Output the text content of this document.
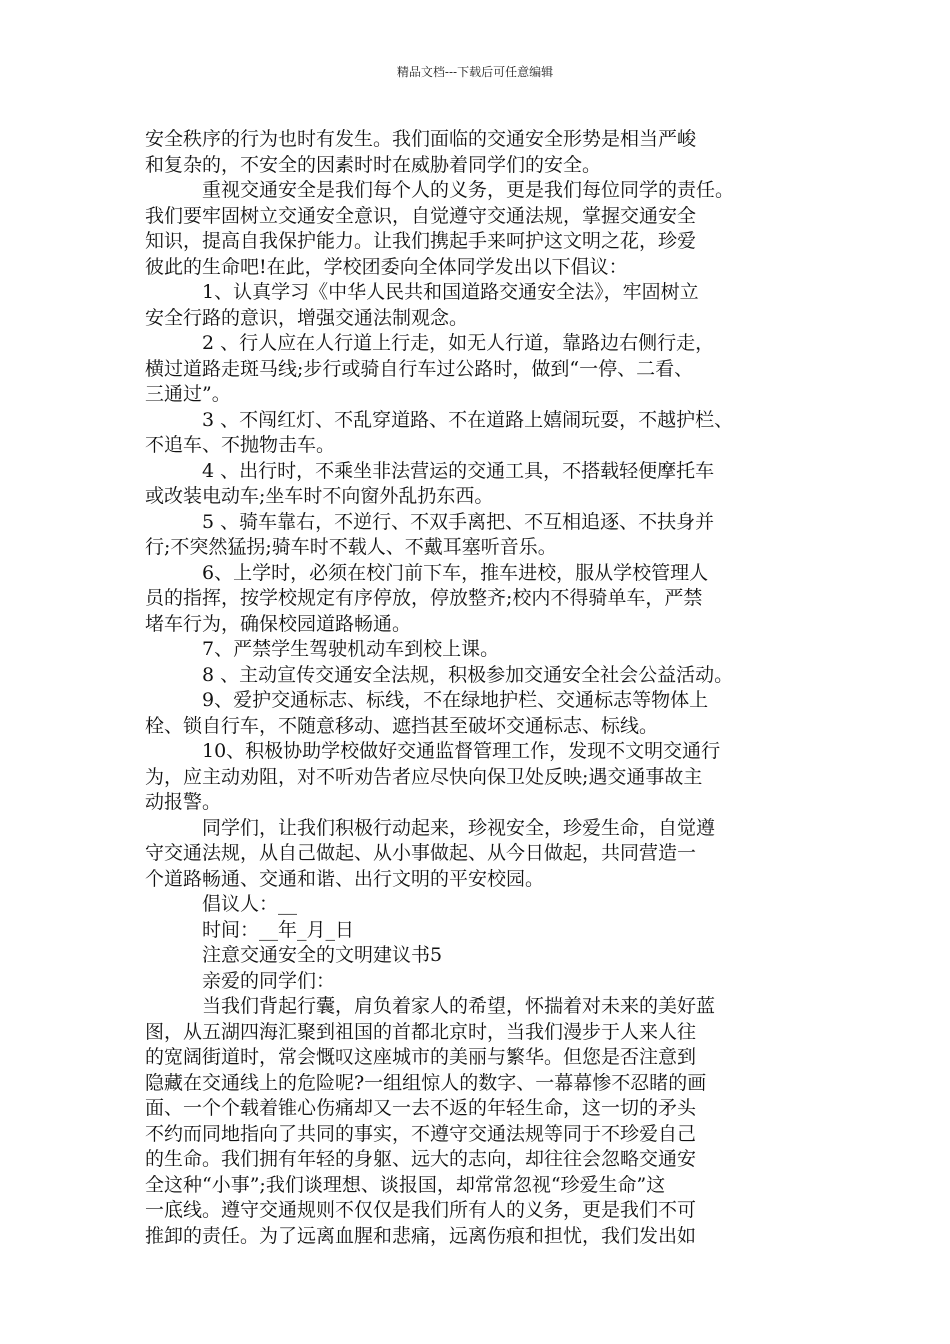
精品文档---下载后可任意编辑
安全秩序的行为也时有发生。我们面临的交通安全形势是相当严峻
和复杂的，不安全的因素时时在威胁着同学们的安全。
重视交通安全是我们每个人的义务，更是我们每位同学的责任。
我们要牢固树立交通安全意识，自觉遵守交通法规，掌握交通安全
知识，提高自我保护能力。让我们携起手来呵护这文明之花，珍爱
彼此的生命吧!在此，学校团委向全体同学发出以下倡议：
1、认真学习《中华人民共和国道路交通安全法》，牢固树立
安全行路的意识，增强交通法制观念。
2 、行人应在人行道上行走，如无人行道，靠路边右侧行走，
横过道路走斑马线;步行或骑自行车过公路时，做到“一停、二看、
三通过”。
3 、不闯红灯、不乱穿道路、不在道路上嬉闹玩耍，不越护栏、
不追车、不抛物击车。
4 、出行时，不乘坐非法营运的交通工具，不搭载轻便摩托车
或改装电动车;坐车时不向窗外乱扔东西。
5 、骑车靠右，不逆行、不双手离把、不互相追逐、不扶身并
行;不突然猛拐;骑车时不载人、不戴耳塞听音乐。
6、上学时，必须在校门前下车，推车进校，服从学校管理人
员的指挥，按学校规定有序停放，停放整齐;校内不得骑单车，严禁
堵车行为，确保校园道路畅通。
7、严禁学生驾驶机动车到校上课。
8 、主动宣传交通安全法规，积极参加交通安全社会公益活动。
9、爱护交通标志、标线，不在绿地护栏、交通标志等物体上
栓、锁自行车，不随意移动、遮挡甚至破坏交通标志、标线。
10、积极协助学校做好交通监督管理工作，发现不文明交通行
为，应主动劝阻，对不听劝告者应尽快向保卫处反映;遇交通事故主
动报警。
同学们，让我们积极行动起来，珍视安全，珍爱生命，自觉遵
守交通法规，从自己做起、从小事做起、从今日做起，共同营造一
个道路畅通、交通和谐、出行文明的平安校园。
倡议人：__
时间：__年_月_日
注意交通安全的文明建议书5
亲爱的同学们：
当我们背起行囊，肩负着家人的希望，怀揣着对未来的美好蓝
图，从五湖四海汇聚到祖国的首都北京时，当我们漫步于人来人往
的宽阔街道时，常会慨叹这座城市的美丽与繁华。但您是否注意到
隐藏在交通线上的危险呢?一组组惊人的数字、一幕幕惨不忍睹的画
面、一个个载着锥心伤痛却又一去不返的年轻生命，这一切的矛头
不约而同地指向了共同的事实，不遵守交通法规等同于不珍爱自己
的生命。我们拥有年轻的身躯、远大的志向，却往往会忽略交通安
全这种“小事”;我们谈理想、谈报国，却常常忽视“珍爱生命”这
一底线。遵守交通规则不仅仅是我们所有人的义务，更是我们不可
推卸的责任。为了远离血腥和悲痛，远离伤痕和担忧，我们发出如
